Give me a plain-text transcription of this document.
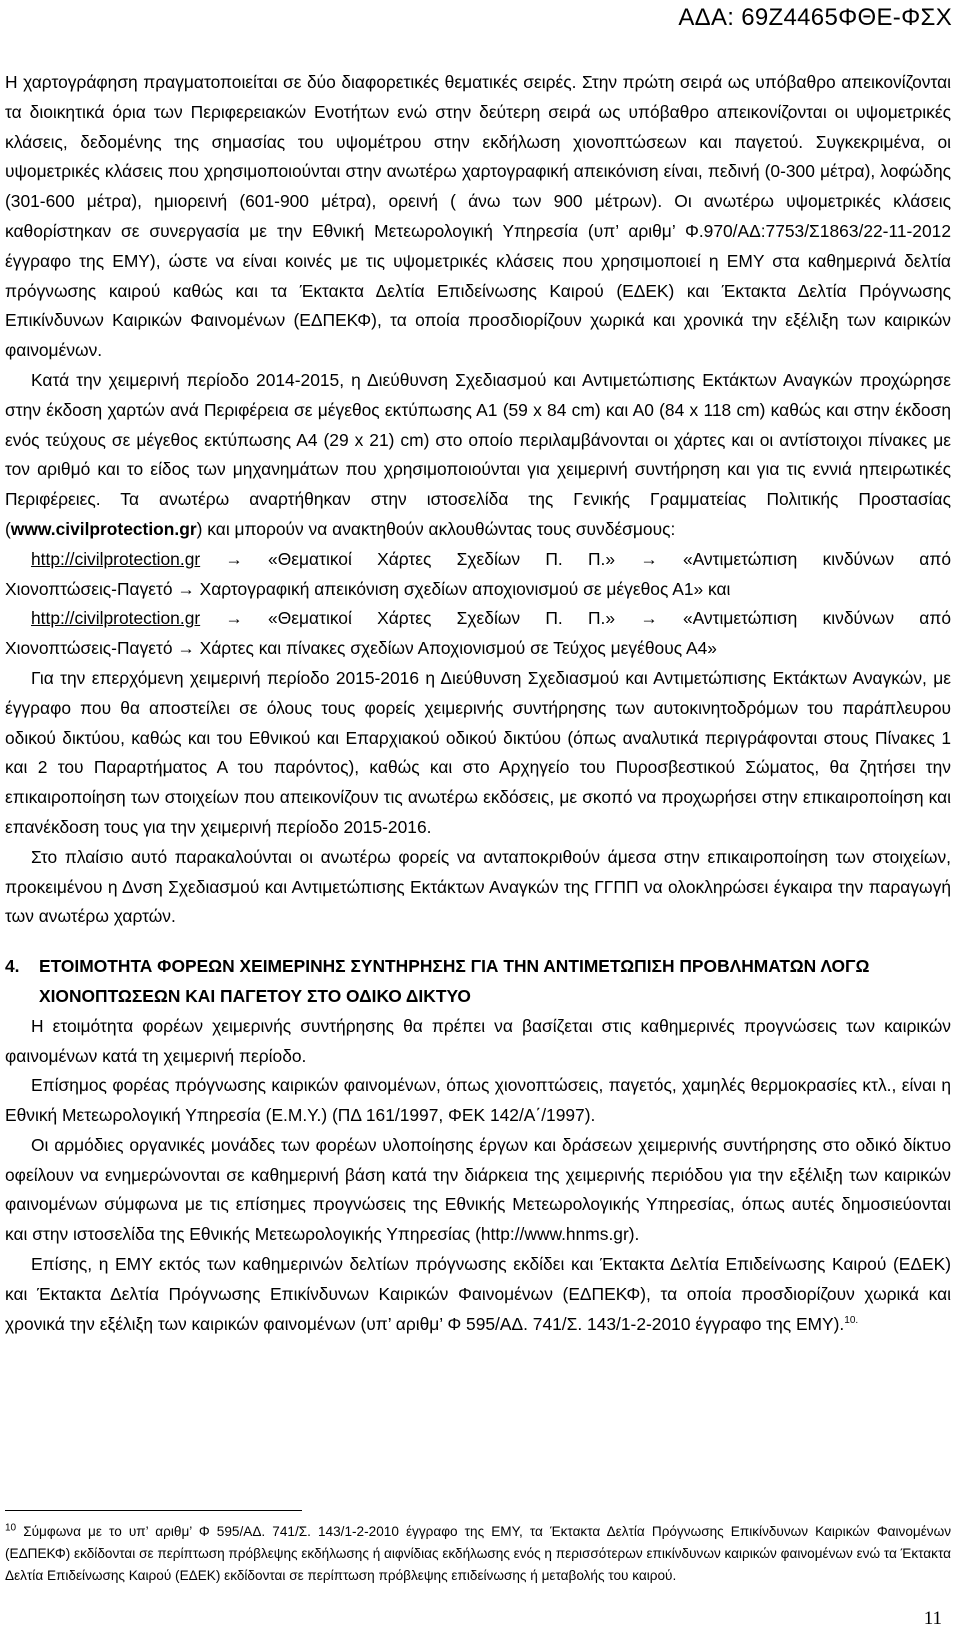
ΑΔΑ: 69Ζ4465ΦΘΕ-ΦΣΧ

Η χαρτογράφηση πραγματοποιείται σε δύο διαφορετικές θεματικές σειρές. Στην πρώτη σειρά ως υπόβαθρο απεικονίζονται τα διοικητικά όρια των Περιφερειακών Ενοτήτων ενώ στην δεύτερη σειρά ως υπόβαθρο απεικονίζονται οι υψομετρικές κλάσεις, δεδομένης της σημασίας του υψομέτρου στην εκδήλωση χιονοπτώσεων και παγετού. Συγκεκριμένα, οι υψομετρικές κλάσεις που χρησιμοποιούνται στην ανωτέρω χαρτογραφική απεικόνιση είναι, πεδινή (0-300 μέτρα), λοφώδης (301-600 μέτρα), ημιορεινή (601-900 μέτρα), ορεινή ( άνω των 900 μέτρων). Οι ανωτέρω υψομετρικές κλάσεις καθορίστηκαν σε συνεργασία με την Εθνική Μετεωρολογική Υπηρεσία (υπ’ αριθμ’ Φ.970/ΑΔ:7753/Σ1863/22-11-2012 έγγραφο της ΕΜΥ), ώστε να είναι κοινές με τις υψομετρικές κλάσεις που χρησιμοποιεί η ΕΜΥ στα καθημερινά δελτία πρόγνωσης καιρού καθώς και τα Έκτακτα Δελτία Επιδείνωσης Καιρού (ΕΔΕΚ) και Έκτακτα Δελτία Πρόγνωσης Επικίνδυνων Καιρικών Φαινομένων (ΕΔΠΕΚΦ), τα οποία προσδιορίζουν χωρικά και χρονικά την εξέλιξη των καιρικών φαινομένων.

Κατά την χειμερινή περίοδο 2014-2015, η Διεύθυνση Σχεδιασμού και Αντιμετώπισης Εκτάκτων Αναγκών προχώρησε στην έκδοση χαρτών ανά Περιφέρεια σε μέγεθος εκτύπωσης Α1 (59 x 84 cm) και Α0 (84 x 118 cm) καθώς και στην έκδοση ενός τεύχους σε μέγεθος εκτύπωσης Α4 (29 x 21) cm) στο οποίο περιλαμβάνονται οι χάρτες και οι αντίστοιχοι πίνακες με τον αριθμό και το είδος των μηχανημάτων που χρησιμοποιούνται για χειμερινή συντήρηση και για τις εννιά ηπειρωτικές Περιφέρειες. Τα ανωτέρω αναρτήθηκαν στην ιστοσελίδα της Γενικής Γραμματείας Πολιτικής Προστασίας (www.civilprotection.gr) και μπορούν να ανακτηθούν ακλουθώντας τους συνδέσμους:

http://civilprotection.gr → «Θεματικοί Χάρτες Σχεδίων Π. Π.» → «Αντιμετώπιση κινδύνων από

Χιονοπτώσεις-Παγετό → Χαρτογραφική απεικόνιση σχεδίων αποχιονισμού σε μέγεθος Α1» και

http://civilprotection.gr → «Θεματικοί Χάρτες Σχεδίων Π. Π.» → «Αντιμετώπιση κινδύνων από

Χιονοπτώσεις-Παγετό → Χάρτες και πίνακες σχεδίων Αποχιονισμού σε Τεύχος μεγέθους Α4»

Για την επερχόμενη χειμερινή περίοδο 2015-2016 η Διεύθυνση Σχεδιασμού και Αντιμετώπισης Εκτάκτων Αναγκών, με έγγραφο που θα αποστείλει σε όλους τους φορείς χειμερινής συντήρησης των αυτοκινητοδρόμων του παράπλευρου οδικού δικτύου, καθώς και του Εθνικού και Επαρχιακού οδικού δικτύου (όπως αναλυτικά περιγράφονται στους Πίνακες 1 και 2 του Παραρτήματος Α του παρόντος), καθώς και στο Αρχηγείο του Πυροσβεστικού Σώματος, θα ζητήσει την επικαιροποίηση των στοιχείων που απεικονίζουν τις ανωτέρω εκδόσεις, με σκοπό να προχωρήσει στην επικαιροποίηση και επανέκδοση τους για την χειμερινή περίοδο 2015-2016.

Στο πλαίσιο αυτό παρακαλούνται οι ανωτέρω φορείς να ανταποκριθούν άμεσα στην επικαιροποίηση των στοιχείων, προκειμένου η Δνση Σχεδιασμού και Αντιμετώπισης Εκτάκτων Αναγκών της ΓΓΠΠ να ολοκληρώσει έγκαιρα την παραγωγή των ανωτέρω χαρτών.

4. ΕΤΟΙΜΟΤΗΤΑ ΦΟΡΕΩΝ ΧΕΙΜΕΡΙΝΗΣ ΣΥΝΤΗΡΗΣΗΣ ΓΙΑ ΤΗΝ ΑΝΤΙΜΕΤΩΠΙΣΗ ΠΡΟΒΛΗΜΑΤΩΝ ΛΟΓΩ ΧΙΟΝΟΠΤΩΣΕΩΝ ΚΑΙ ΠΑΓΕΤΟΥ ΣΤΟ ΟΔΙΚΟ ΔΙΚΤΥΟ

Η ετοιμότητα φορέων χειμερινής συντήρησης θα πρέπει να βασίζεται στις καθημερινές προγνώσεις των καιρικών φαινομένων κατά τη χειμερινή περίοδο.

Επίσημος φορέας πρόγνωσης καιρικών φαινομένων, όπως χιονοπτώσεις, παγετός, χαμηλές θερμοκρασίες κτλ., είναι η Εθνική Μετεωρολογική Υπηρεσία (Ε.Μ.Υ.) (ΠΔ 161/1997, ΦΕΚ 142/Α΄/1997).

Οι αρμόδιες οργανικές μονάδες των φορέων υλοποίησης έργων και δράσεων χειμερινής συντήρησης στο οδικό δίκτυο οφείλουν να ενημερώνονται σε καθημερινή βάση κατά την διάρκεια της χειμερινής περιόδου για την εξέλιξη των καιρικών φαινομένων σύμφωνα με τις επίσημες προγνώσεις της Εθνικής Μετεωρολογικής Υπηρεσίας, όπως αυτές δημοσιεύονται και στην ιστοσελίδα της Εθνικής Μετεωρολογικής Υπηρεσίας (http://www.hnms.gr).

Επίσης, η ΕΜΥ εκτός των καθημερινών δελτίων πρόγνωσης εκδίδει και Έκτακτα Δελτία Επιδείνωσης Καιρού (ΕΔΕΚ) και Έκτακτα Δελτία Πρόγνωσης Επικίνδυνων Καιρικών Φαινομένων (ΕΔΠΕΚΦ), τα οποία προσδιορίζουν χωρικά και χρονικά την εξέλιξη των καιρικών φαινομένων (υπ’ αριθμ’ Φ 595/ΑΔ. 741/Σ. 143/1-2-2010 έγγραφο της ΕΜΥ).$^{10.}$

$^{10}$ Σύμφωνα με το υπ’ αριθμ’ Φ 595/ΑΔ. 741/Σ. 143/1-2-2010 έγγραφο της ΕΜΥ, τα Έκτακτα Δελτία Πρόγνωσης Επικίνδυνων Καιρικών Φαινομένων (ΕΔΠΕΚΦ) εκδίδονται σε περίπτωση πρόβλεψης εκδήλωσης ή αιφνίδιας εκδήλωσης ενός η περισσότερων επικίνδυνων καιρικών φαινομένων ενώ τα Έκτακτα Δελτία Επιδείνωσης Καιρού (ΕΔΕΚ) εκδίδονται σε περίπτωση πρόβλεψης επιδείνωσης ή μεταβολής του καιρού.
11
